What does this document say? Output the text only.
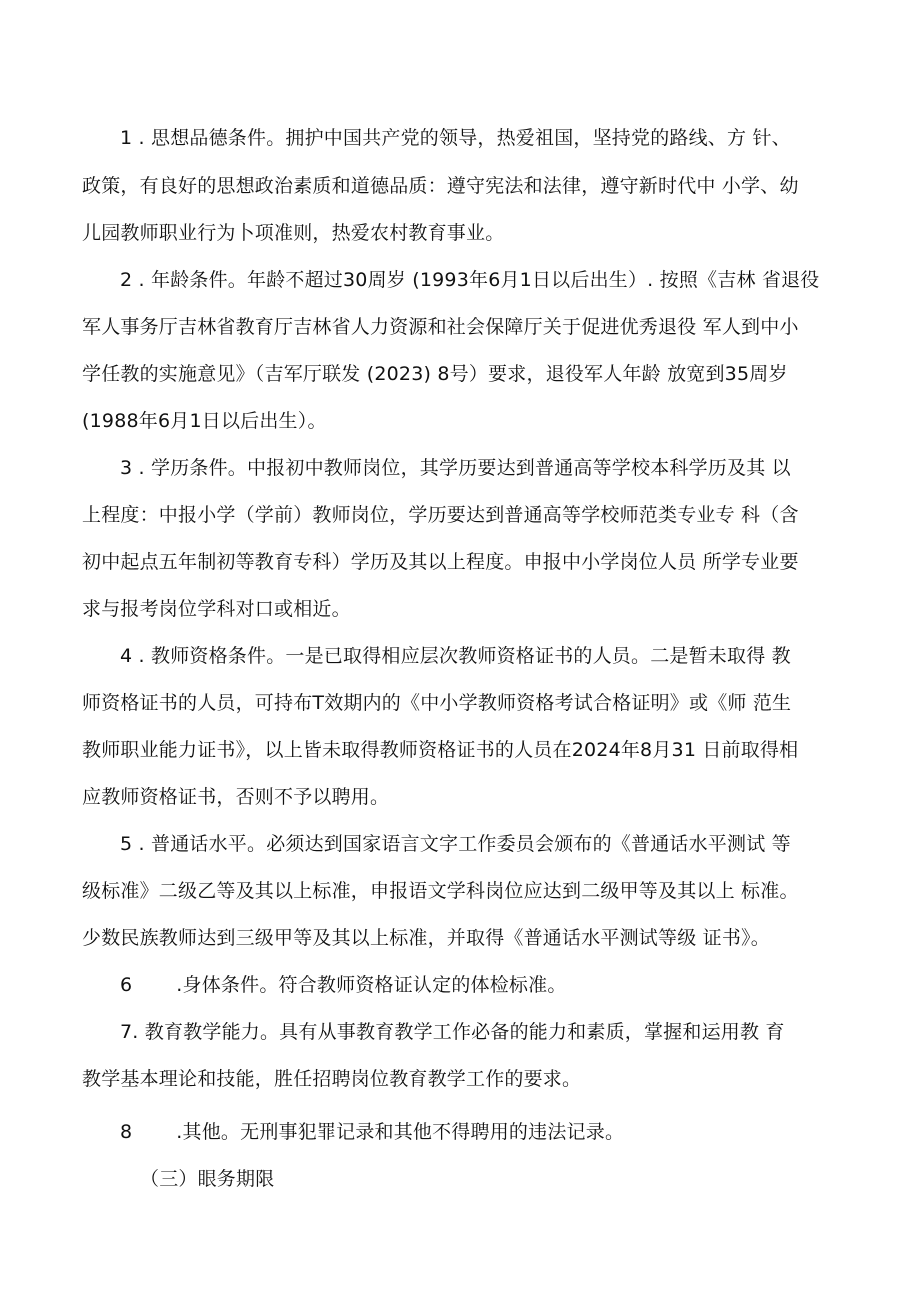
1 . 思想品德条件。拥护中国共产党的领导，热爱祖国，坚持党的路线、方 针、
政策，有良好的思想政治素质和道德品质：遵守宪法和法律，遵守新时代中 小学、幼
儿园教师职业行为卜项准则，热爱农村教育事业。
2 . 年龄条件。年龄不超过30周岁 (1993年6月1日以后出生）. 按照《吉林 省退役
军人事务厅吉林省教育厅吉林省人力资源和社会保障厅关于促进优秀退役 军人到中小
学任教的实施意见》（吉军厅联发 (2023) 8号）要求，退役军人年龄 放宽到35周岁
(1988年6月1日以后出生）。
3 . 学历条件。中报初中教师岗位，其学历要达到普通高等学校本科学历及其 以
上程度：中报小学（学前）教师岗位，学历要达到普通高等学校师范类专业专 科（含
初中起点五年制初等教育专科）学历及其以上程度。申报中小学岗位人员 所学专业要
求与报考岗位学科对口或相近。
4 . 教师资格条件。一是已取得相应层次教师资格证书的人员。二是暂未取得 教
师资格证书的人员，可持布T效期内的《中小学教师资格考试合格证明》或《师 范生
教师职业能力证书》，以上皆未取得教师资格证书的人员在2024年8月31 日前取得相
应教师资格证书，否则不予以聘用。
5 . 普通话水平。必须达到国家语言文字工作委员会颁布的《普通话水平测试 等
级标准》二级乙等及其以上标准，申报语文学科岗位应达到二级甲等及其以上 标准。
少数民族教师达到三级甲等及其以上标准，并取得《普通话水平测试等级 证书》。
6 .身体条件。符合教师资格证认定的体检标准。
7. 教育教学能力。具有从事教育教学工作必备的能力和素质，掌握和运用教 育
教学基本理论和技能，胜任招聘岗位教育教学工作的要求。
8 .其他。无刑事犯罪记录和其他不得聘用的违法记录。
（三）眼务期限
